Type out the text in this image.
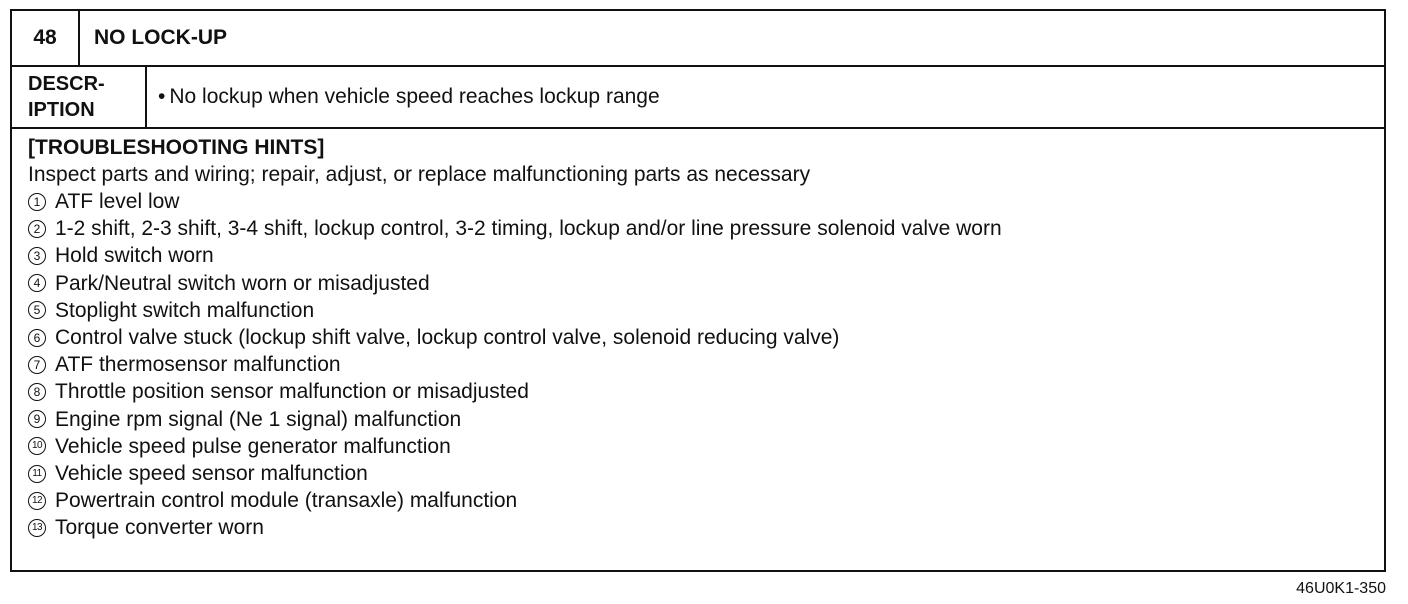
48	NO LOCK-UP
DESCR-
IPTION
• No lockup when vehicle speed reaches lockup range
[TROUBLESHOOTING HINTS]
Inspect parts and wiring; repair, adjust, or replace malfunctioning parts as necessary
1 ATF level low
2 1-2 shift, 2-3 shift, 3-4 shift, lockup control, 3-2 timing, lockup and/or line pressure solenoid valve worn
3 Hold switch worn
4 Park/Neutral switch worn or misadjusted
5 Stoplight switch malfunction
6 Control valve stuck (lockup shift valve, lockup control valve, solenoid reducing valve)
7 ATF thermosensor malfunction
8 Throttle position sensor malfunction or misadjusted
9 Engine rpm signal (Ne 1 signal) malfunction
10 Vehicle speed pulse generator malfunction
11 Vehicle speed sensor malfunction
12 Powertrain control module (transaxle) malfunction
13 Torque converter worn
46U0K1-350
